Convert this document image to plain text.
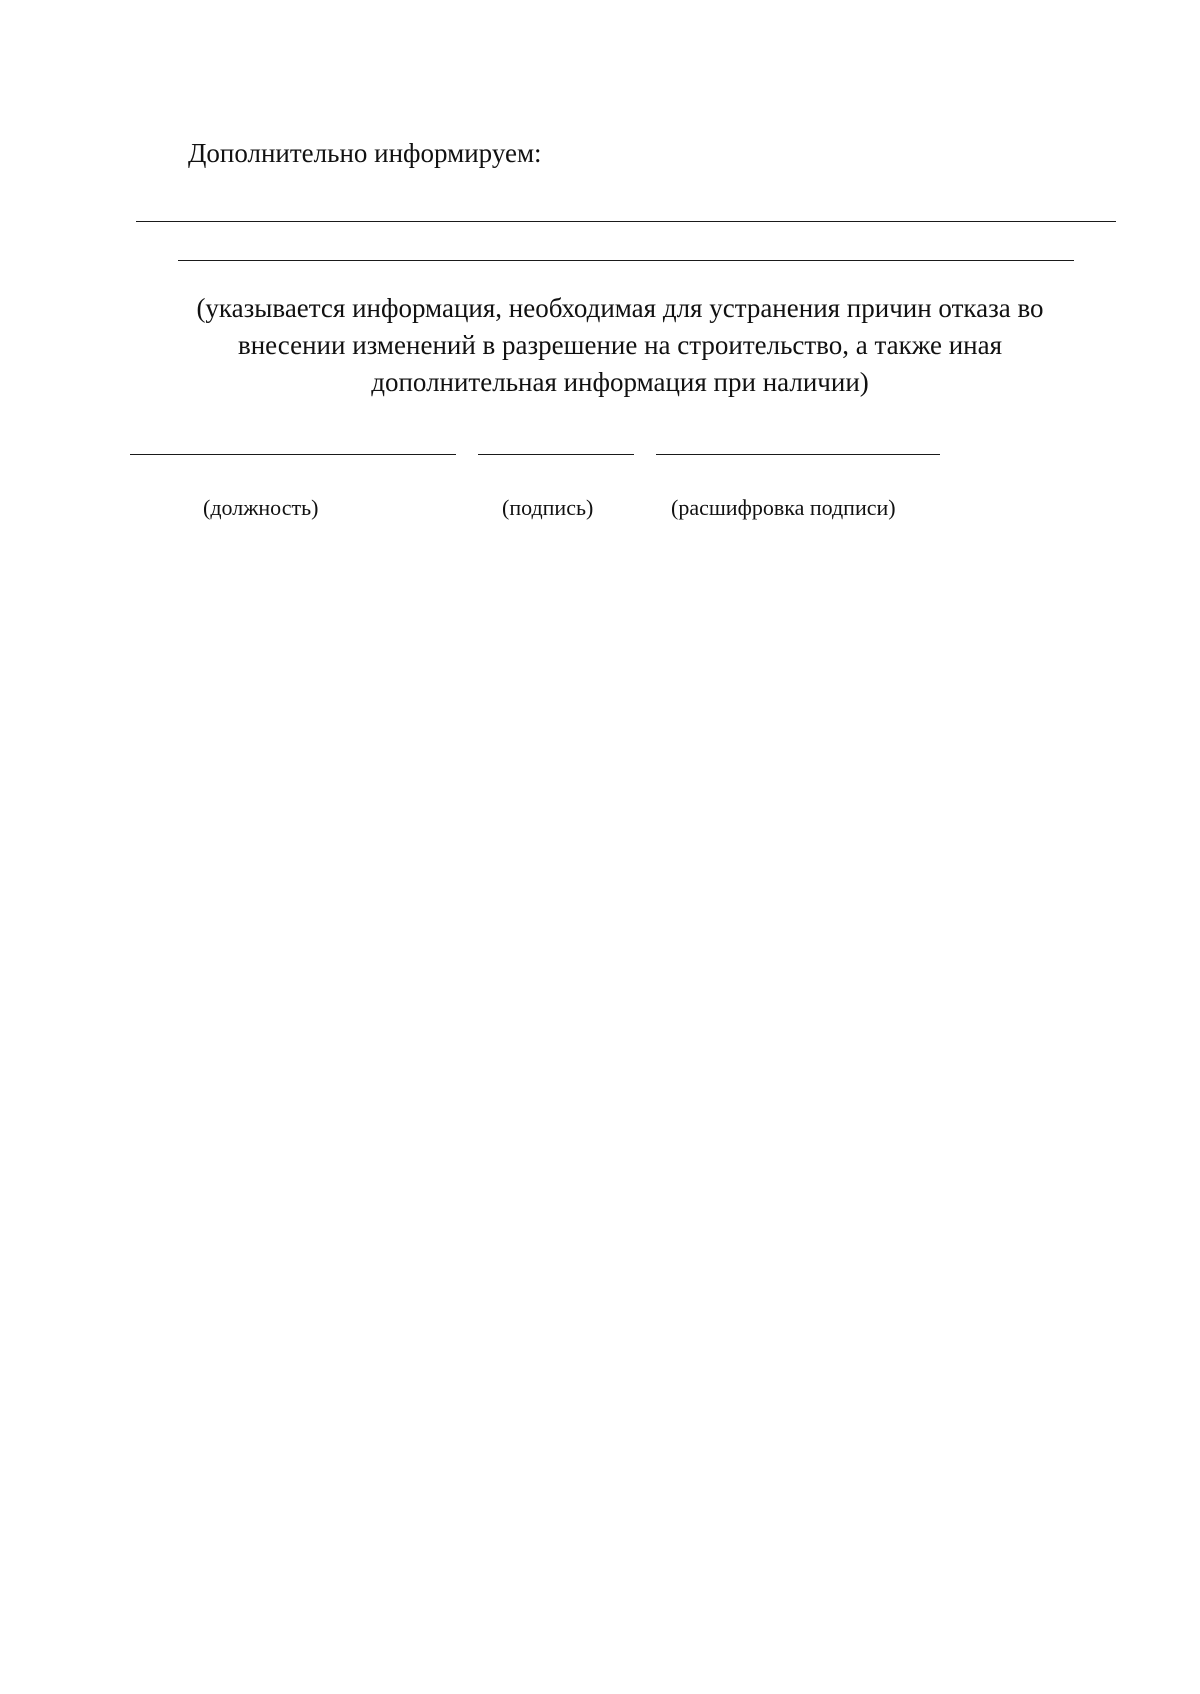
Дополнительно информируем:
(указывается информация, необходимая для устранения причин отказа во
внесении изменений в разрешение на строительство, а также иная
дополнительная информация при наличии)
(должность)	(подпись)	(расшифровка подписи)
